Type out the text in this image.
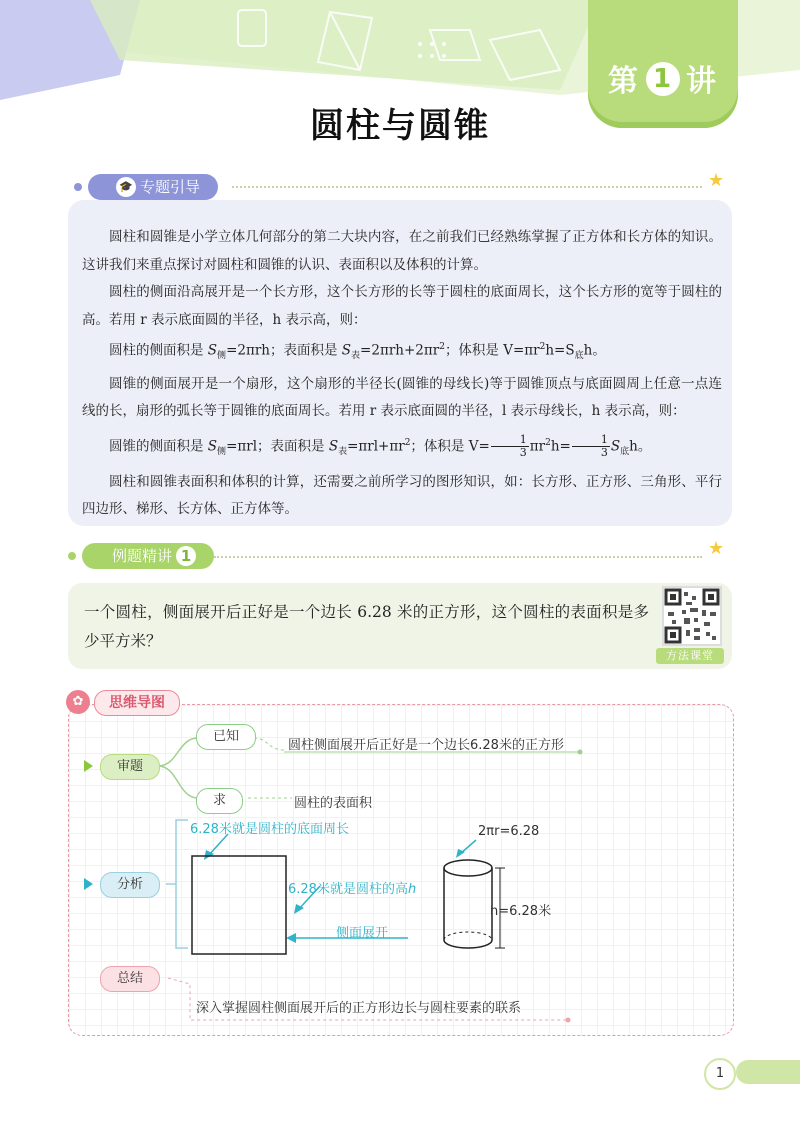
第 1 讲
圆柱与圆锥
🎓 专题引导	★

圆柱和圆锥是小学立体几何部分的第二大块内容，在之前我们已经熟练掌握了正方体和长方体的知识。这讲我们来重点探讨对圆柱和圆锥的认识、表面积以及体积的计算。

圆柱的侧面沿高展开是一个长方形，这个长方形的长等于圆柱的底面周长，这个长方形的宽等于圆柱的高。若用 r 表示底面圆的半径，h 表示高，则：

圆柱的侧面积是 $S_侧=2\pi rh$；表面积是 $S_表=2\pi rh+2\pi r^2$；体积是 $V=\pi r^2h=S_底h$。

圆锥的侧面展开是一个扇形，这个扇形的半径长(圆锥的母线长)等于圆锥顶点与底面圆周上任意一点连线的长，扇形的弧长等于圆锥的底面周长。若用 r 表示底面圆的半径，l 表示母线长，h 表示高，则：

圆锥的侧面积是 $S_侧=\pi rl$；表面积是 $S_表=\pi rl+\pi r^2$；体积是 $V= \frac{1}{3} \pi r^2h= \frac{1}{3} S_底h$。

圆柱和圆锥表面积和体积的计算，还需要之前所学习的图形知识，如：长方形、正方形、三角形、平行四边形、梯形、长方体、正方体等。

例题精讲 1	★
一个圆柱，侧面展开后正好是一个边长 6.28 米的正方形，这个圆柱的表面积是多少平方米？
方法课堂
✿	思维导图
审题
已知
求
圆柱侧面展开后正好是一个边长6.28米的正方形
圆柱的表面积
分析
6.28米就是圆柱的底面周长
6.28米就是圆柱的高h
侧面展开
2πr=6.28
h=6.28米
总结
深入掌握圆柱侧面展开后的正方形边长与圆柱要素的联系
1
